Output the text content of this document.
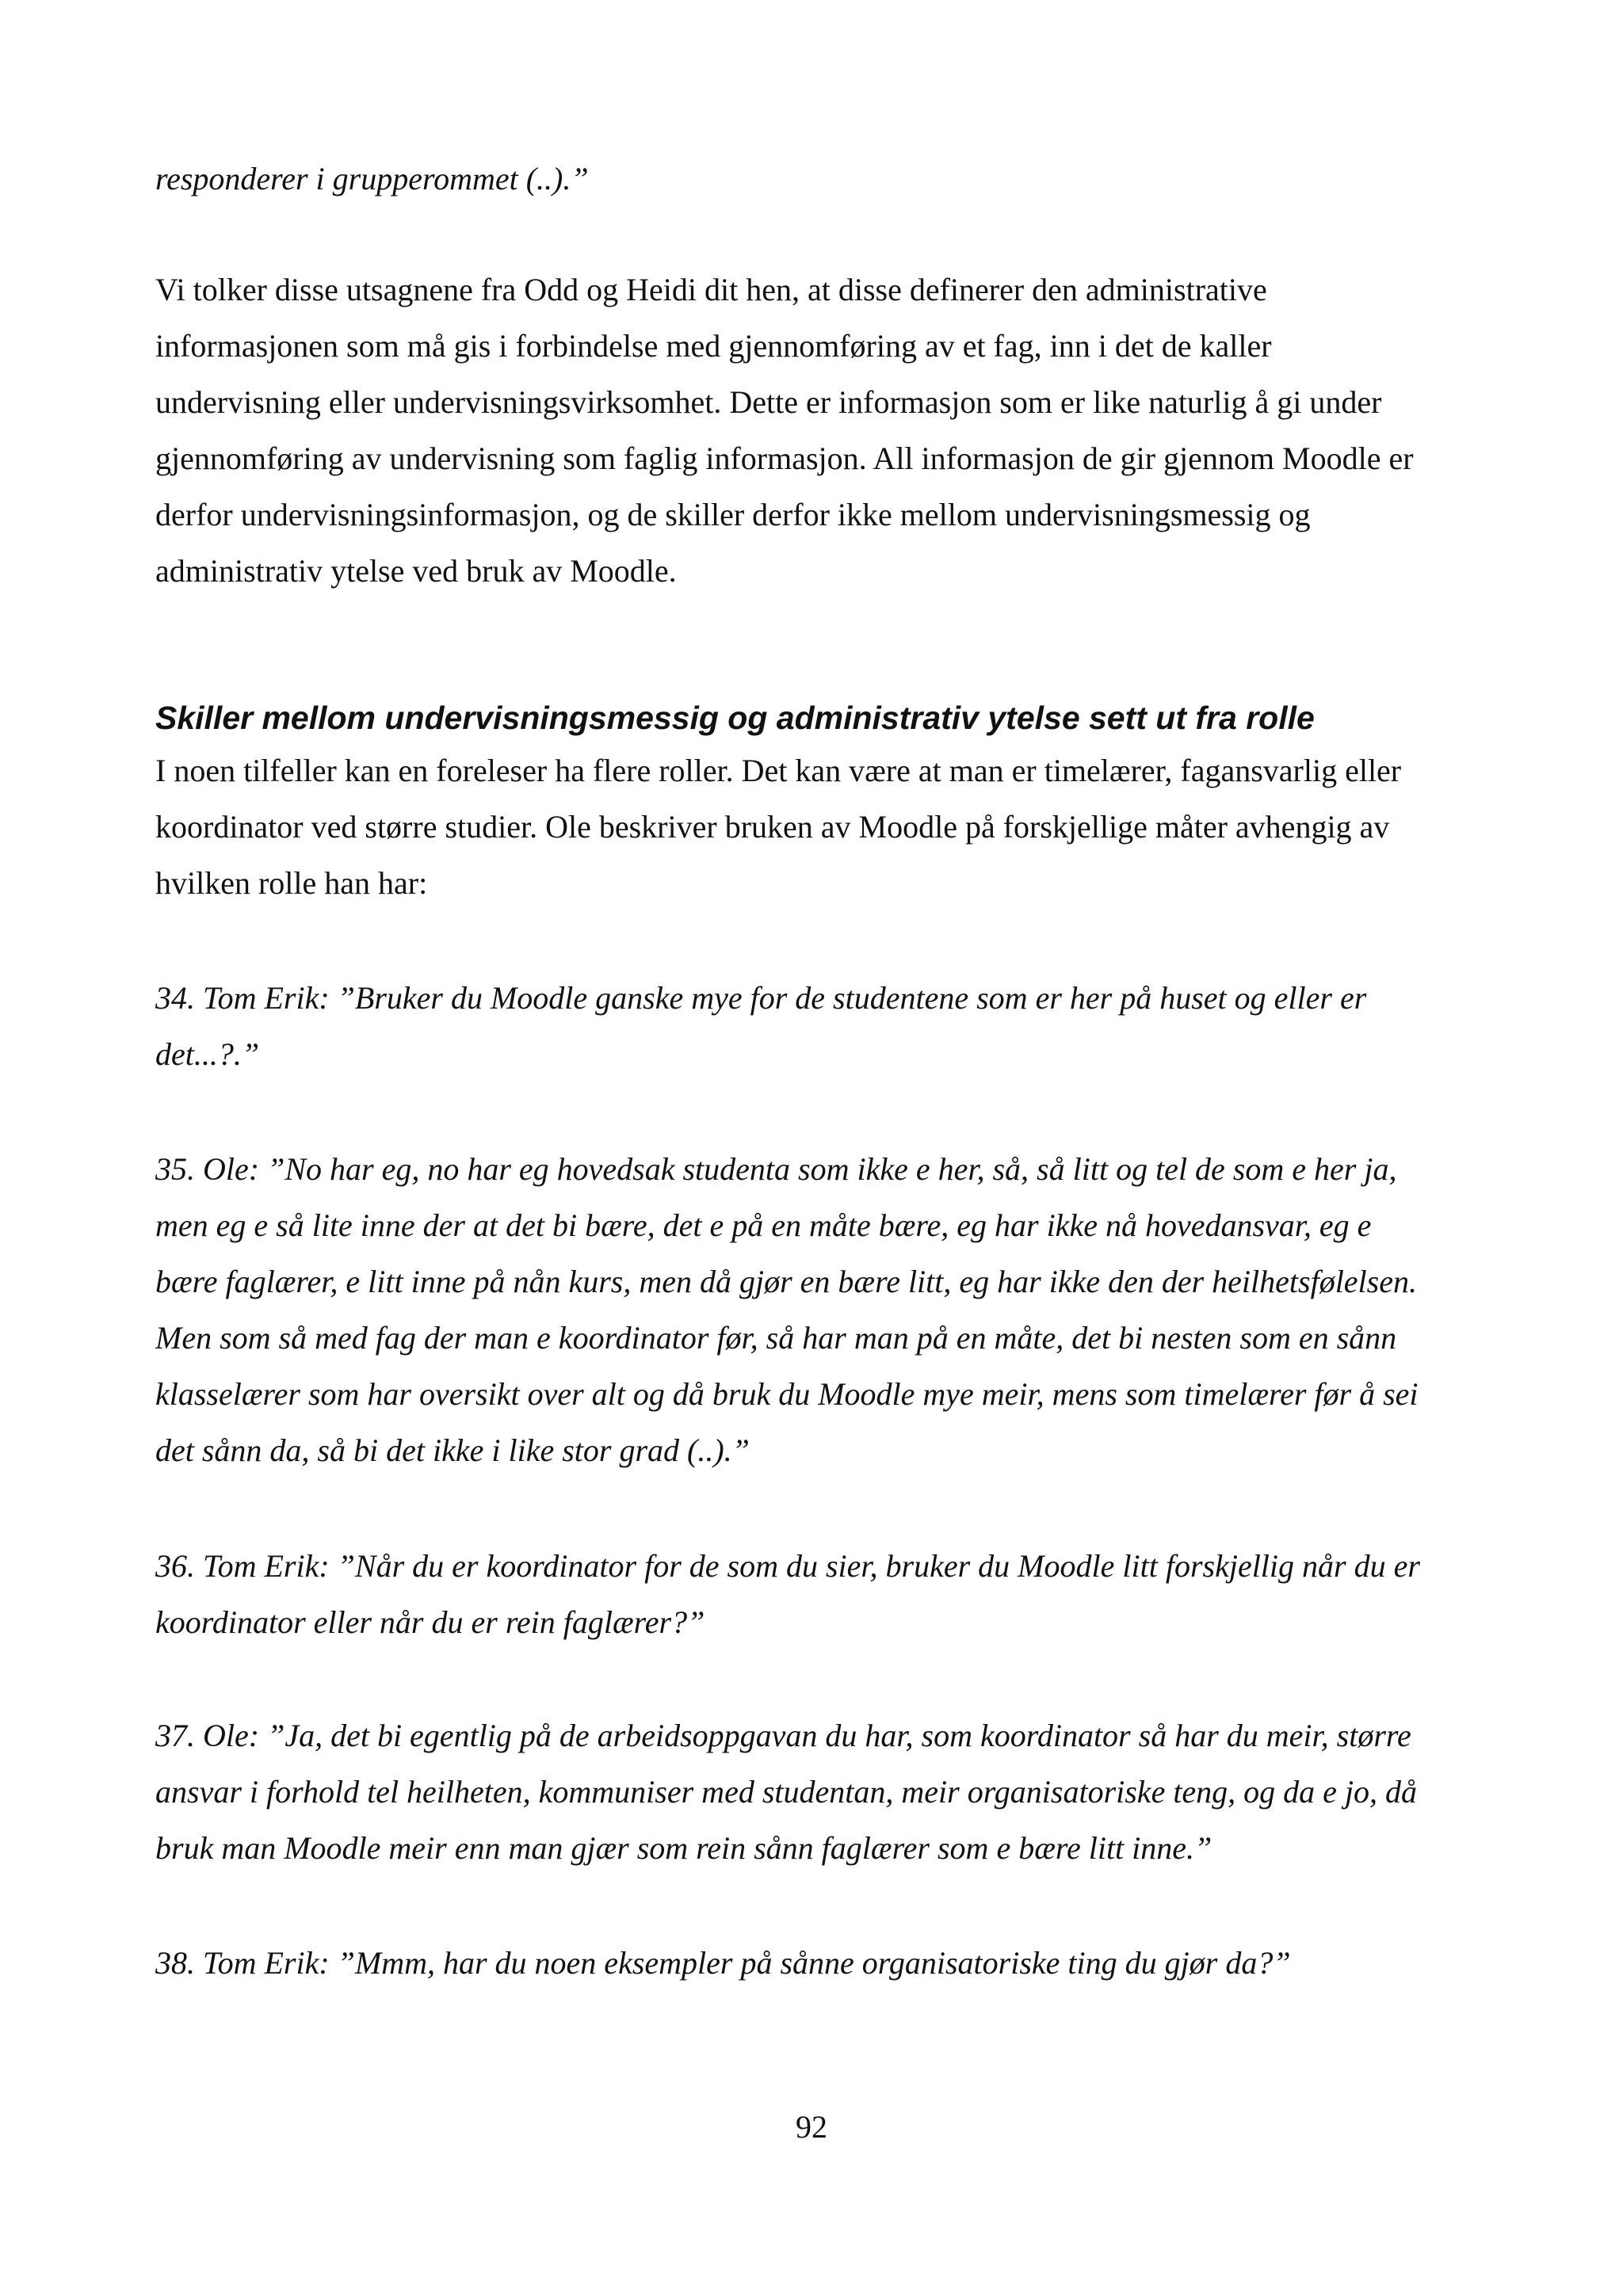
responderer i grupperommet (..).”

Vi tolker disse utsagnene fra Odd og Heidi dit hen, at disse definerer den administrative
informasjonen som må gis i forbindelse med gjennomføring av et fag, inn i det de kaller
undervisning eller undervisningsvirksomhet. Dette er informasjon som er like naturlig å gi under
gjennomføring av undervisning som faglig informasjon. All informasjon de gir gjennom Moodle er
derfor undervisningsinformasjon, og de skiller derfor ikke mellom undervisningsmessig og
administrativ ytelse ved bruk av Moodle.

Skiller mellom undervisningsmessig og administrativ ytelse sett ut fra rolle

I noen tilfeller kan en foreleser ha flere roller. Det kan være at man er timelærer, fagansvarlig eller
koordinator ved større studier. Ole beskriver bruken av Moodle på forskjellige måter avhengig av
hvilken rolle han har:

34. Tom Erik: ”Bruker du Moodle ganske mye for de studentene som er her på huset og eller er
det...?.”

35. Ole: ”No har eg, no har eg hovedsak studenta som ikke e her, så, så litt og tel de som e her ja,
men eg e så lite inne der at det bi bære, det e på en måte bære, eg har ikke nå hovedansvar, eg e
bære faglærer, e litt inne på nån kurs, men då gjør en bære litt, eg har ikke den der heilhetsfølelsen.
Men som så med fag der man e koordinator før, så har man på en måte, det bi nesten som en sånn
klasselærer som har oversikt over alt og då bruk du Moodle mye meir, mens som timelærer før å sei
det sånn da, så bi det ikke i like stor grad (..).”

36. Tom Erik: ”Når du er koordinator for de som du sier, bruker du Moodle litt forskjellig når du er
koordinator eller når du er rein faglærer?”

37. Ole: ”Ja, det bi egentlig på de arbeidsoppgavan du har, som koordinator så har du meir, større
ansvar i forhold tel heilheten, kommuniser med studentan, meir organisatoriske teng, og da e jo, då
bruk man Moodle meir enn man gjær som rein sånn faglærer som e bære litt inne.”

38. Tom Erik: ”Mmm, har du noen eksempler på sånne organisatoriske ting du gjør da?”

92
